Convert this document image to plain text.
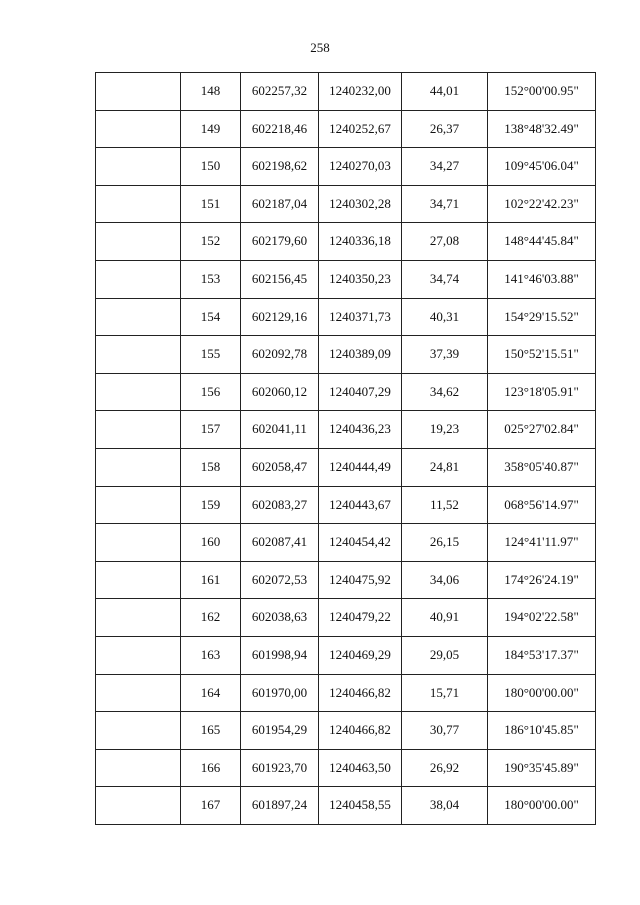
258

	148	602257,32	1240232,00	44,01	152°00'00.95"

	149	602218,46	1240252,67	26,37	138°48'32.49"

	150	602198,62	1240270,03	34,27	109°45'06.04"

	151	602187,04	1240302,28	34,71	102°22'42.23"

	152	602179,60	1240336,18	27,08	148°44'45.84"

	153	602156,45	1240350,23	34,74	141°46'03.88"

	154	602129,16	1240371,73	40,31	154°29'15.52"

	155	602092,78	1240389,09	37,39	150°52'15.51"

	156	602060,12	1240407,29	34,62	123°18'05.91"

	157	602041,11	1240436,23	19,23	025°27'02.84"

	158	602058,47	1240444,49	24,81	358°05'40.87"

	159	602083,27	1240443,67	11,52	068°56'14.97"

	160	602087,41	1240454,42	26,15	124°41'11.97"

	161	602072,53	1240475,92	34,06	174°26'24.19"

	162	602038,63	1240479,22	40,91	194°02'22.58"

	163	601998,94	1240469,29	29,05	184°53'17.37"

	164	601970,00	1240466,82	15,71	180°00'00.00"

	165	601954,29	1240466,82	30,77	186°10'45.85"

	166	601923,70	1240463,50	26,92	190°35'45.89"

	167	601897,24	1240458,55	38,04	180°00'00.00"
